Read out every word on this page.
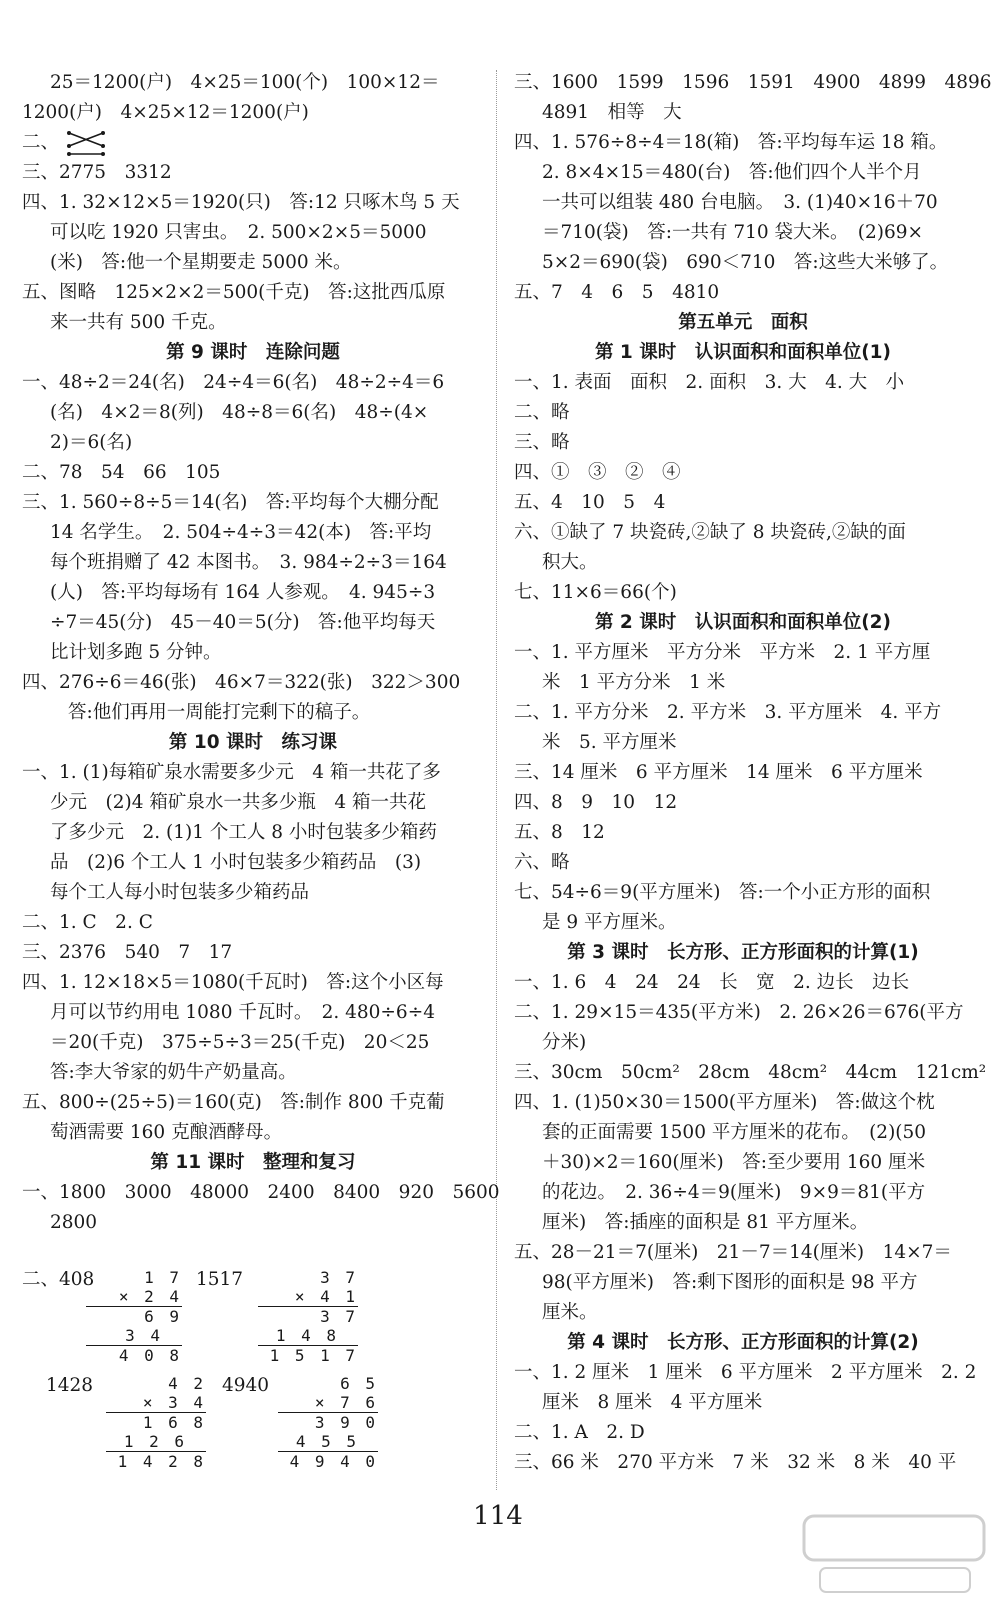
25＝1200(户)　4×25＝100(个)　100×12＝
1200(户)　4×25×12＝1200(户)
二、
三、2775　3312
四、1. 32×12×5＝1920(只)　答:12 只啄木鸟 5 天
可以吃 1920 只害虫。　2. 500×2×5＝5000
(米)　答:他一个星期要走 5000 米。
五、图略　125×2×2＝500(千克)　答:这批西瓜原
来一共有 500 千克。
第 9 课时　连除问题
一、48÷2＝24(名)　24÷4＝6(名)　48÷2÷4＝6
(名)　4×2＝8(列)　48÷8＝6(名)　48÷(4×
2)＝6(名)
二、78　54　66　105
三、1. 560÷8÷5＝14(名)　答:平均每个大棚分配
14 名学生。　2. 504÷4÷3＝42(本)　答:平均
每个班捐赠了 42 本图书。　3. 984÷2÷3＝164
(人)　答:平均每场有 164 人参观。　4. 945÷3
÷7＝45(分)　45－40＝5(分)　答:他平均每天
比计划多跑 5 分钟。
四、276÷6＝46(张)　46×7＝322(张)　322＞300
答:他们再用一周能打完剩下的稿子。
第 10 课时　练习课
一、1. (1)每箱矿泉水需要多少元　4 箱一共花了多
少元　(2)4 箱矿泉水一共多少瓶　4 箱一共花
了多少元　2. (1)1 个工人 8 小时包装多少箱药
品　(2)6 个工人 1 小时包装多少箱药品　(3)
每个工人每小时包装多少箱药品
二、1. C　2. C
三、2376　540　7　17
四、1. 12×18×5＝1080(千瓦时)　答:这个小区每
月可以节约用电 1080 千瓦时。　2. 480÷6÷4
＝20(千克)　375÷5÷3＝25(千克)　20＜25
答:李大爷家的奶牛产奶量高。
五、800÷(25÷5)＝160(克)　答:制作 800 千克葡
萄酒需要 160 克酿酒酵母。
第 11 课时　整理和复习
一、1800　3000　48000　2400　8400　920　5600
2800
二、408	1517
1428	4940
1 7
× 2 4
6 9
3 4
4 0 8
3 7
× 4 1
3 7
1 4 8
1 5 1 7
4 2
× 3 4
1 6 8
1 2 6
1 4 2 8
6 5
× 7 6
3 9 0
4 5 5
4 9 4 0
三、1600　1599　1596　1591　4900　4899　4896
4891　相等　大
四、1. 576÷8÷4＝18(箱)　答:平均每车运 18 箱。
2. 8×4×15＝480(台)　答:他们四个人半个月
一共可以组装 480 台电脑。　3. (1)40×16＋70
＝710(袋)　答:一共有 710 袋大米。　(2)69×
5×2＝690(袋)　690＜710　答:这些大米够了。
五、7　4　6　5　4810
第五单元　面积
第 1 课时　认识面积和面积单位(1)
一、1. 表面　面积　2. 面积　3. 大　4. 大　小
二、略
三、略
四、①　③　②　④
五、4　10　5　4
六、①缺了 7 块瓷砖,②缺了 8 块瓷砖,②缺的面
积大。
七、11×6＝66(个)
第 2 课时　认识面积和面积单位(2)
一、1. 平方厘米　平方分米　平方米　2. 1 平方厘
米　1 平方分米　1 米
二、1. 平方分米　2. 平方米　3. 平方厘米　4. 平方
米　5. 平方厘米
三、14 厘米　6 平方厘米　14 厘米　6 平方厘米
四、8　9　10　12
五、8　12
六、略
七、54÷6＝9(平方厘米)　答:一个小正方形的面积
是 9 平方厘米。
第 3 课时　长方形、正方形面积的计算(1)
一、1. 6　4　24　24　长　宽　2. 边长　边长
二、1. 29×15＝435(平方米)　2. 26×26＝676(平方
分米)
三、30cm　50cm²　28cm　48cm²　44cm　121cm²
四、1. (1)50×30＝1500(平方厘米)　答:做这个枕
套的正面需要 1500 平方厘米的花布。　(2)(50
＋30)×2＝160(厘米)　答:至少要用 160 厘米
的花边。　2. 36÷4＝9(厘米)　9×9＝81(平方
厘米)　答:插座的面积是 81 平方厘米。
五、28－21＝7(厘米)　21－7＝14(厘米)　14×7＝
98(平方厘米)　答:剩下图形的面积是 98 平方
厘米。
第 4 课时　长方形、正方形面积的计算(2)
一、1. 2 厘米　1 厘米　6 平方厘米　2 平方厘米　2. 2
厘米　8 厘米　4 平方厘米
二、1. A　2. D
三、66 米　270 平方米　7 米　32 米　8 米　40 平
114
